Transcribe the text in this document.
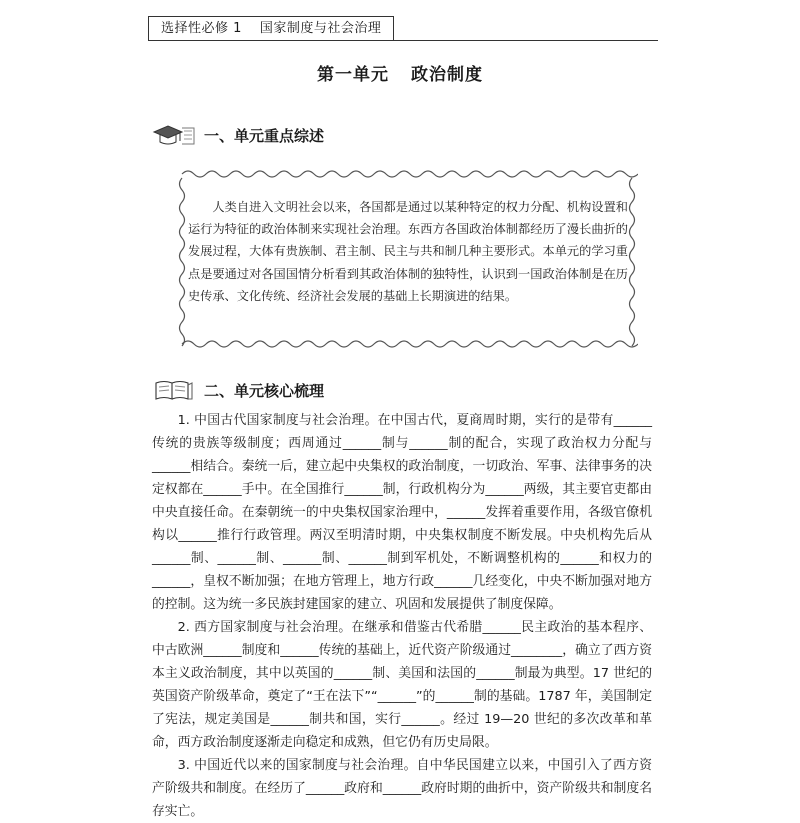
选择性必修 1 国家制度与社会治理
第一单元 政治制度
一、单元重点综述
人类自进入文明社会以来，各国都是通过以某种特定的权力分配、机构设置和运行为特征的政治体制来实现社会治理。东西方各国政治体制都经历了漫长曲折的发展过程，大体有贵族制、君主制、民主与共和制几种主要形式。本单元的学习重点是要通过对各国国情分析看到其政治体制的独特性，认识到一国政治体制是在历史传承、文化传统、经济社会发展的基础上长期演进的结果。
二、单元核心梳理

1. 中国古代国家制度与社会治理。在中国古代，夏商周时期，实行的是带有______传统的贵族等级制度；西周通过______制与______制的配合，实现了政治权力分配与______相结合。秦统一后，建立起中央集权的政治制度，一切政治、军事、法律事务的决定权都在______手中。在全国推行______制，行政机构分为______两级，其主要官吏都由中央直接任命。在秦朝统一的中央集权国家治理中，______发挥着重要作用，各级官僚机构以______推行行政管理。两汉至明清时期，中央集权制度不断发展。中央机构先后从______制、______制、______制、______制到军机处，不断调整机构的______和权力的______，皇权不断加强；在地方管理上，地方行政______几经变化，中央不断加强对地方的控制。这为统一多民族封建国家的建立、巩固和发展提供了制度保障。

2. 西方国家制度与社会治理。在继承和借鉴古代希腊______民主政治的基本程序、中古欧洲______制度和______传统的基础上，近代资产阶级通过________，确立了西方资本主义政治制度，其中以英国的______制、美国和法国的______制最为典型。17 世纪的英国资产阶级革命，奠定了“王在法下”“______”的______制的基础。1787 年，美国制定了宪法，规定美国是______制共和国，实行______。经过 19—20 世纪的多次改革和革命，西方政治制度逐渐走向稳定和成熟，但它仍有历史局限。

3. 中国近代以来的国家制度与社会治理。自中华民国建立以来，中国引入了西方资产阶级共和制度。在经历了______政府和______政府时期的曲折中，资产阶级共和制度名存实亡。
